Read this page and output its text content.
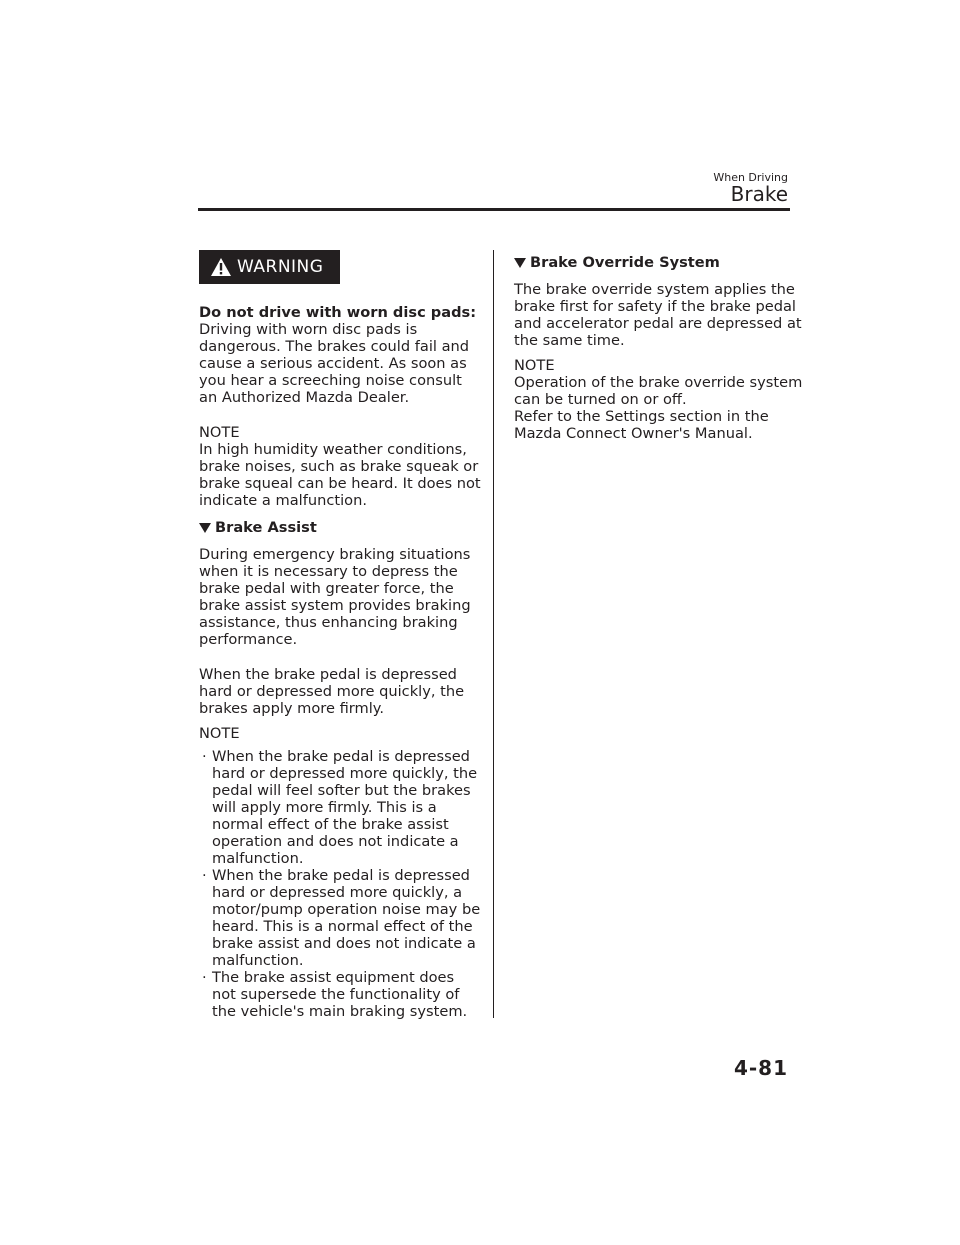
When Driving
Brake
WARNING

Do not drive with worn disc pads:

Driving with worn disc pads is dangerous. The brakes could fail and cause a serious accident. As soon as you hear a screeching noise consult an Authorized Mazda Dealer.

NOTE

In high humidity weather conditions, brake noises, such as brake squeak or brake squeal can be heard. It does not indicate a malfunction.

Brake Assist

During emergency braking situations when it is necessary to depress the brake pedal with greater force, the brake assist system provides braking assistance, thus enhancing braking performance.

When the brake pedal is depressed hard or depressed more quickly, the brakes apply more firmly.

NOTE

· When the brake pedal is depressed hard or depressed more quickly, the pedal will feel softer but the brakes will apply more firmly. This is a normal effect of the brake assist operation and does not indicate a malfunction.
· When the brake pedal is depressed hard or depressed more quickly, a motor/pump operation noise may be heard. This is a normal effect of the brake assist and does not indicate a malfunction.
· The brake assist equipment does not supersede the functionality of the vehicle's main braking system.
Brake Override System

The brake override system applies the brake first for safety if the brake pedal and accelerator pedal are depressed at the same time.

NOTE

Operation of the brake override system can be turned on or off.

Refer to the Settings section in the Mazda Connect Owner's Manual.

4-81
